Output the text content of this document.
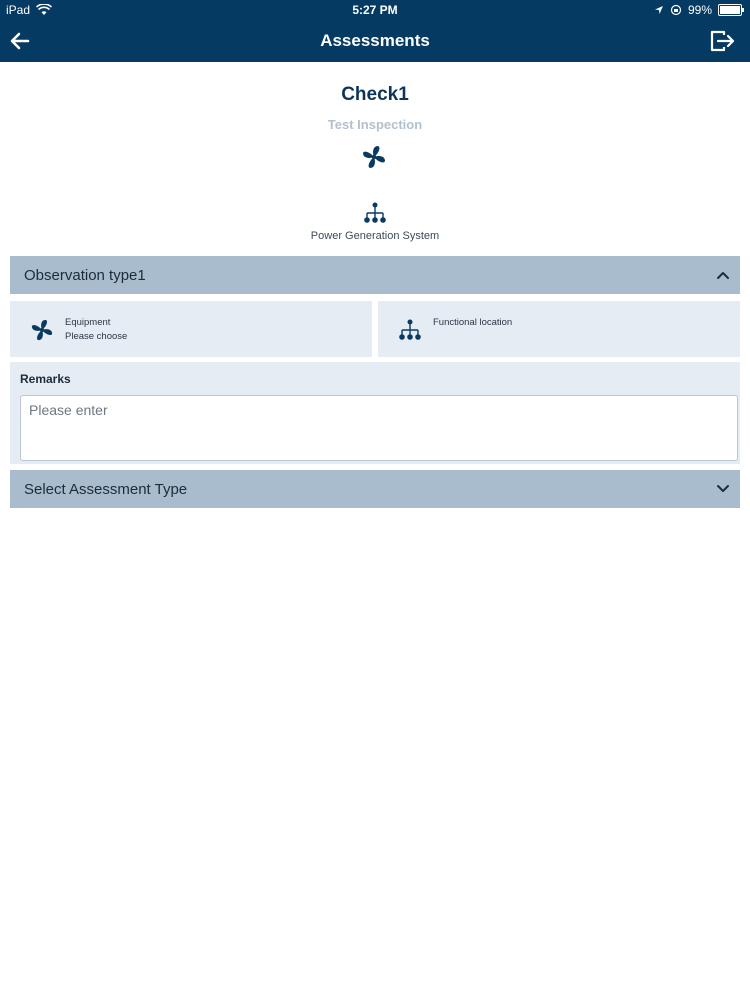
iPad	5:27 PM	99%
Assessments
Check1
Test Inspection
Power Generation System
Observation type1
Equipment
Please choose
Functional location
Remarks
Please enter
Select Assessment Type
